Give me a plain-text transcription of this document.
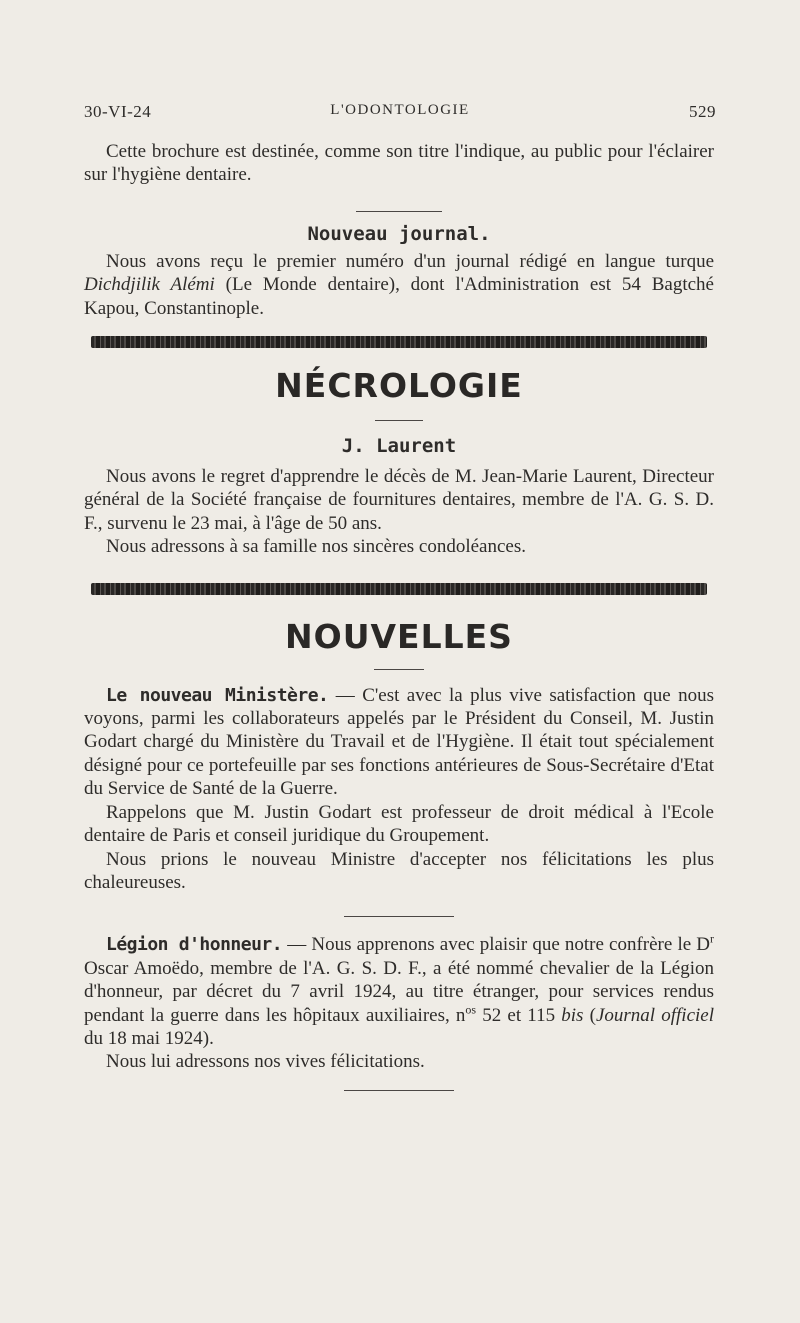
30-VI-24	L'ODONTOLOGIE	529

Cette brochure est destinée, comme son titre l'indique, au public pour l'éclairer sur l'hygiène dentaire.

Nouveau journal.

Nous avons reçu le premier numéro d'un journal rédigé en langue turque Dichdjilik Alémi (Le Monde dentaire), dont l'Administration est 54 Bagtché Kapou, Constantinople.

NÉCROLOGIE
J. Laurent

Nous avons le regret d'apprendre le décès de M. Jean-Marie Laurent, Directeur général de la Société française de fournitures dentaires, membre de l'A. G. S. D. F., survenu le 23 mai, à l'âge de 50 ans.

Nous adressons à sa famille nos sincères condoléances.

NOUVELLES

Le nouveau Ministère. — C'est avec la plus vive satisfaction que nous voyons, parmi les collaborateurs appelés par le Président du Conseil, M. Justin Godart chargé du Ministère du Travail et de l'Hygiène. Il était tout spécialement désigné pour ce portefeuille par ses fonctions antérieures de Sous-Secrétaire d'Etat du Service de Santé de la Guerre.

Rappelons que M. Justin Godart est professeur de droit médical à l'Ecole dentaire de Paris et conseil juridique du Groupement.

Nous prions le nouveau Ministre d'accepter nos félicitations les plus chaleureuses.

Légion d'honneur. — Nous apprenons avec plaisir que notre confrère le $D^r$ Oscar Amoëdo, membre de l'A. G. S. D. F., a été nommé chevalier de la Légion d'honneur, par décret du 7 avril 1924, au titre étranger, pour services rendus pendant la guerre dans les hôpitaux auxiliaires, $n^{os}$ 52 et 115 bis (Journal officiel du 18 mai 1924).

Nous lui adressons nos vives félicitations.
